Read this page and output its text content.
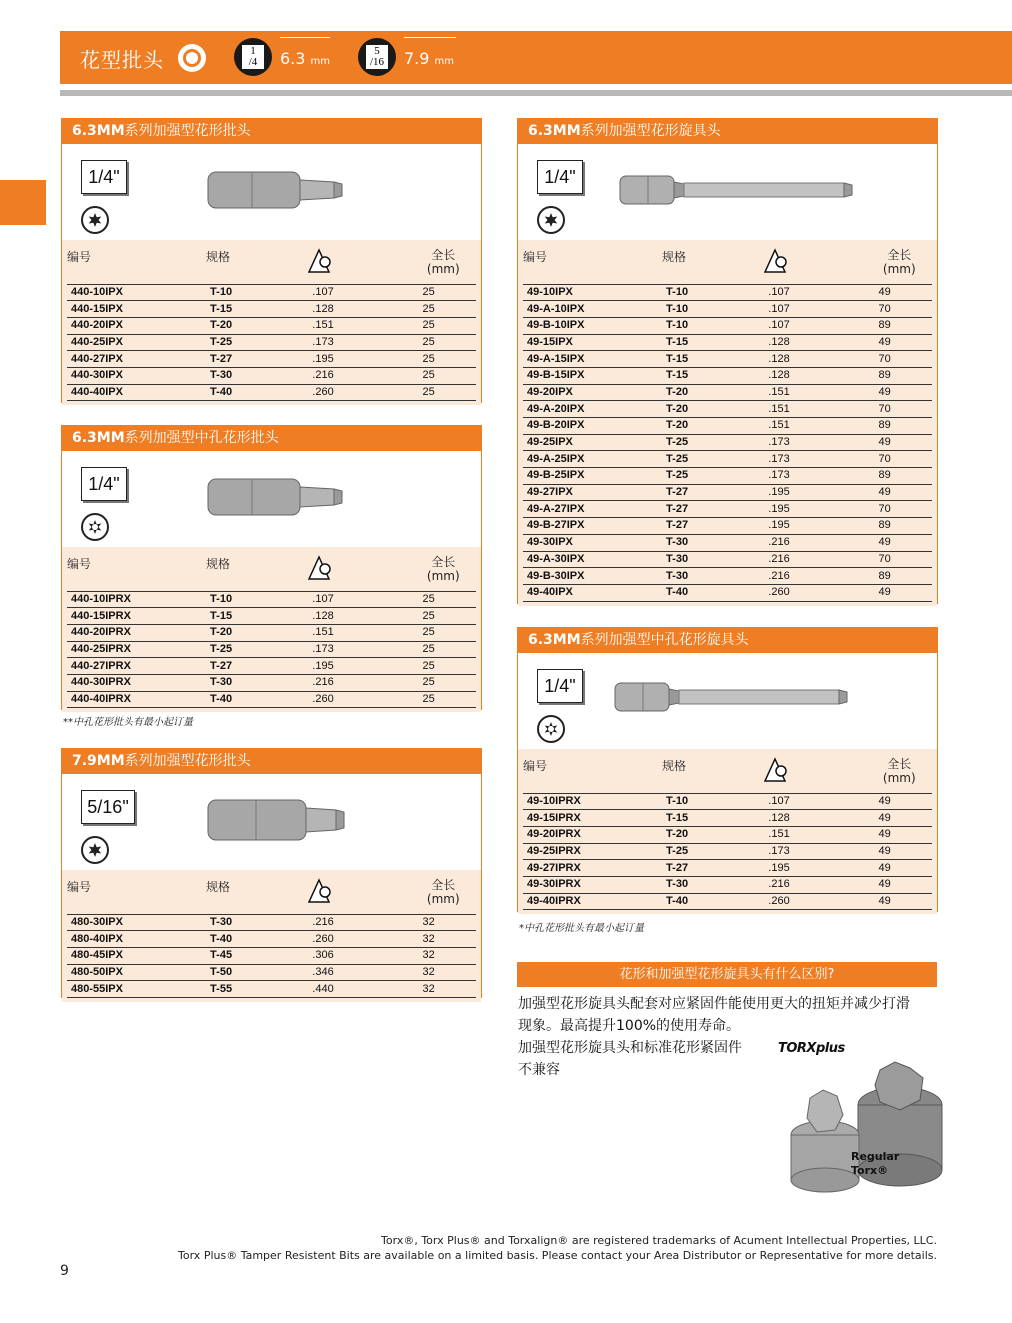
花型批头	1
/4	6.3 mm
5
/16 7.9 mm
6.3MM系列加强型花形批头
1/4"
编号	规格		全长
(mm)
440-10IPX	T-10	.107	25
440-15IPX	T-15	.128	25
440-20IPX	T-20	.151	25
440-25IPX	T-25	.173	25
440-27IPX	T-27	.195	25
440-30IPX	T-30	.216	25
440-40IPX	T-40	.260	25
6.3MM系列加强型中孔花形批头
1/4"
编号	规格		全长
(mm)
440-10IPRX	T-10	.107	25
440-15IPRX	T-15	.128	25
440-20IPRX	T-20	.151	25
440-25IPRX	T-25	.173	25
440-27IPRX	T-27	.195	25
440-30IPRX	T-30	.216	25
440-40IPRX	T-40	.260	25
**中孔花形批头有最小起订量
7.9MM系列加强型花形批头
5/16"
编号	规格		全长
(mm)
480-30IPX	T-30	.216	32
480-40IPX	T-40	.260	32
480-45IPX	T-45	.306	32
480-50IPX	T-50	.346	32
480-55IPX	T-55	.440	32
6.3MM系列加强型花形旋具头
1/4"
编号	规格		全长
(mm)
49-10IPX	T-10	.107	49
49-A-10IPX	T-10	.107	70
49-B-10IPX	T-10	.107	89
49-15IPX	T-15	.128	49
49-A-15IPX	T-15	.128	70
49-B-15IPX	T-15	.128	89
49-20IPX	T-20	.151	49
49-A-20IPX	T-20	.151	70
49-B-20IPX	T-20	.151	89
49-25IPX	T-25	.173	49
49-A-25IPX	T-25	.173	70
49-B-25IPX	T-25	.173	89
49-27IPX	T-27	.195	49
49-A-27IPX	T-27	.195	70
49-B-27IPX	T-27	.195	89
49-30IPX	T-30	.216	49
49-A-30IPX	T-30	.216	70
49-B-30IPX	T-30	.216	89
49-40IPX	T-40	.260	49
6.3MM系列加强型中孔花形旋具头
1/4"
编号	规格		全长
(mm)
49-10IPRX	T-10	.107	49
49-15IPRX	T-15	.128	49
49-20IPRX	T-20	.151	49
49-25IPRX	T-25	.173	49
49-27IPRX	T-27	.195	49
49-30IPRX	T-30	.216	49
49-40IPRX	T-40	.260	49
*中孔花形批头有最小起订量
花形和加强型花形旋具头有什么区别?
加强型花形旋具头配套对应紧固件能使用更大的扭矩并减少打滑
现象。最高提升100%的使用寿命。
加强型花形旋具头和标准花形紧固件
不兼容
TORXplus
Regular
Torx®
Torx®, Torx Plus® and Torxalign® are registered trademarks of Acument Intellectual Properties, LLC.
Torx Plus® Tamper Resistent Bits are available on a limited basis. Please contact your Area Distributor or Representative for more details.
9
